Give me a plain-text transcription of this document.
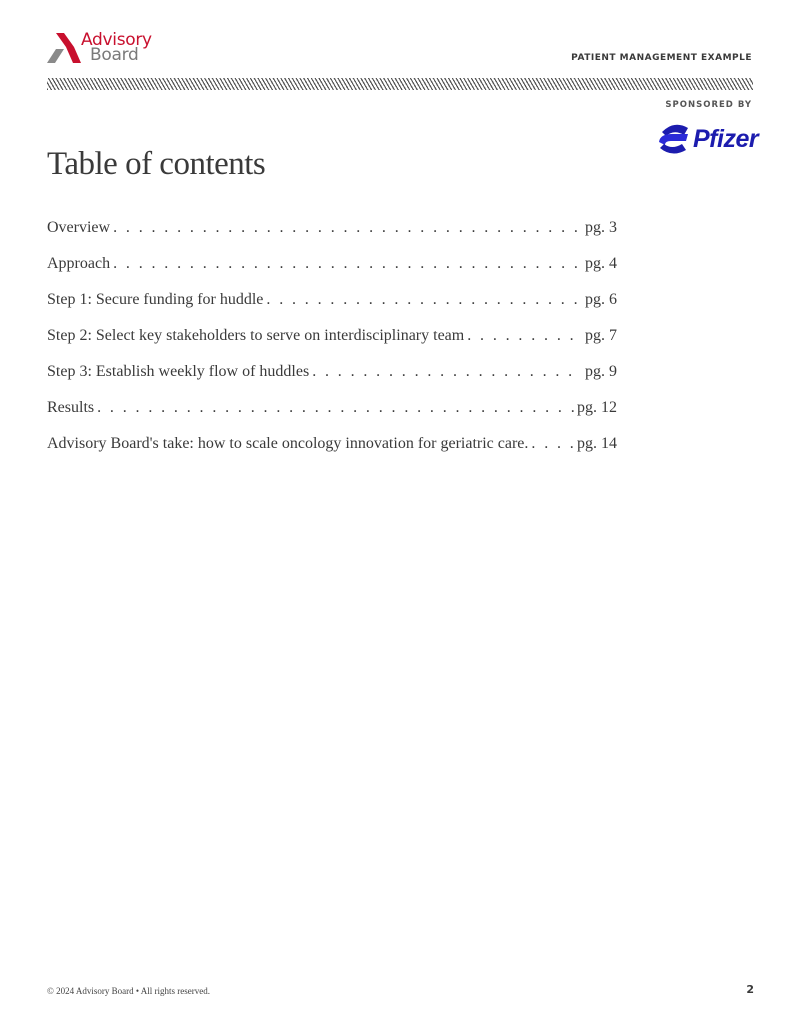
Advisory
Board	PATIENT MANAGEMENT EXAMPLE
SPONSORED BY
Pfizer
Table of contents
Overview . . .	pg. 3
Approach . . .	pg. 4
Step 1: Secure funding for huddle . . .	pg. 6
Step 2: Select key stakeholders to serve on interdisciplinary team . . .	pg. 7
Step 3: Establish weekly flow of huddles . . .	pg. 9
Results . . .	pg. 12
Advisory Board's take: how to scale oncology innovation for geriatric care. . . .	pg. 14
© 2024 Advisory Board • All rights reserved.	2
